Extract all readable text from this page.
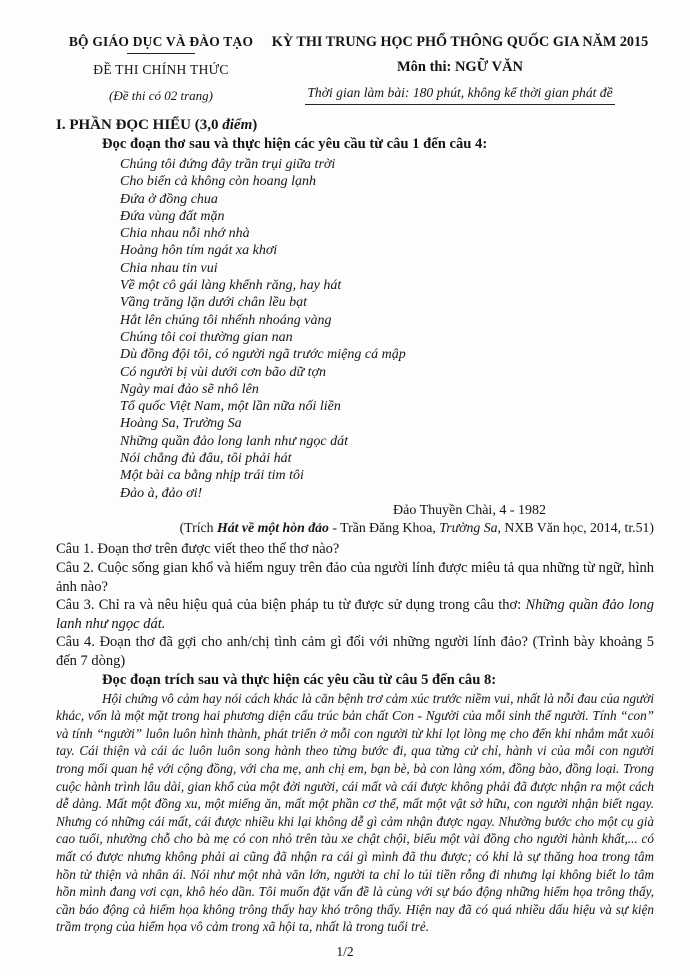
BỘ GIÁO DỤC VÀ ĐÀO TẠO
ĐỀ THI CHÍNH THỨC
(Đề thi có 02 trang)
KỲ THI TRUNG HỌC PHỔ THÔNG QUỐC GIA NĂM 2015
Môn thi: NGỮ VĂN
Thời gian làm bài: 180 phút, không kể thời gian phát đề
I. PHẦN ĐỌC HIỂU (3,0 điểm)
Đọc đoạn thơ sau và thực hiện các yêu cầu từ câu 1 đến câu 4:
Chúng tôi đứng đây trần trụi giữa trời
Cho biển cả không còn hoang lạnh
Đứa ở đồng chua
Đứa vùng đất mặn
Chia nhau nỗi nhớ nhà
Hoàng hôn tím ngát xa khơi
Chia nhau tin vui
Về một cô gái làng khểnh răng, hay hát
Vầng trăng lặn dưới chân lều bạt
Hắt lên chúng tôi nhếnh nhoáng vàng
Chúng tôi coi thường gian nan
Dù đồng đội tôi, có người ngã trước miệng cá mập
Có người bị vùi dưới cơn bão dữ tợn
Ngày mai đảo sẽ nhô lên
Tổ quốc Việt Nam, một lần nữa nối liền
Hoàng Sa, Trường Sa
Những quần đảo long lanh như ngọc dát
Nói chẳng đủ đâu, tôi phải hát
Một bài ca bằng nhịp trái tim tôi
Đảo à, đảo ơi!
Đảo Thuyền Chài, 4 - 1982
(Trích Hát về một hòn đảo - Trần Đăng Khoa, Trường Sa, NXB Văn học, 2014, tr.51)

Câu 1. Đoạn thơ trên được viết theo thể thơ nào?

Câu 2. Cuộc sống gian khổ và hiểm nguy trên đảo của người lính được miêu tả qua những từ ngữ, hình ảnh nào?

Câu 3. Chỉ ra và nêu hiệu quả của biện pháp tu từ được sử dụng trong câu thơ: Những quần đảo long lanh như ngọc dát.

Câu 4. Đoạn thơ đã gợi cho anh/chị tình cảm gì đối với những người lính đảo? (Trình bày khoảng 5 đến 7 dòng)

Đọc đoạn trích sau và thực hiện các yêu cầu từ câu 5 đến câu 8:

Hội chứng vô cảm hay nói cách khác là căn bệnh trơ cảm xúc trước niềm vui, nhất là nỗi đau của người khác, vốn là một mặt trong hai phương diện cấu trúc bản chất Con - Người của mỗi sinh thể người. Tính “con” và tính “người” luôn luôn hình thành, phát triển ở mỗi con người từ khi lọt lòng mẹ cho đến khi nhắm mắt xuôi tay. Cái thiện và cái ác luôn luôn song hành theo từng bước đi, qua từng cử chỉ, hành vi của mỗi con người trong mối quan hệ với cộng đồng, với cha mẹ, anh chị em, bạn bè, bà con làng xóm, đồng bào, đồng loại. Trong cuộc hành trình lâu dài, gian khổ của một đời người, cái mất và cái được không phải đã được nhận ra một cách dễ dàng. Mất một đồng xu, một miếng ăn, mất một phần cơ thể, mất một vật sở hữu, con người nhận biết ngay. Nhưng có những cái mất, cái được nhiều khi lại không dễ gì cảm nhận được ngay. Nhường bước cho một cụ già cao tuổi, nhường chỗ cho bà mẹ có con nhỏ trên tàu xe chật chội, biếu một vài đồng cho người hành khất,... có mất có được nhưng không phải ai cũng đã nhận ra cái gì mình đã thu được; có khi là sự thăng hoa trong tâm hồn từ thiện và nhân ái. Nói như một nhà văn lớn, người ta chỉ lo túi tiền rỗng đi nhưng lại không biết lo tâm hồn mình đang vơi cạn, khô héo dần. Tôi muốn đặt vấn đề là cùng với sự báo động những hiểm họa trông thấy, cần báo động cả hiểm họa không trông thấy hay khó trông thấy. Hiện nay đã có quá nhiều dấu hiệu và sự kiện trầm trọng của hiểm họa vô cảm trong xã hội ta, nhất là trong tuổi trẻ.

1/2
